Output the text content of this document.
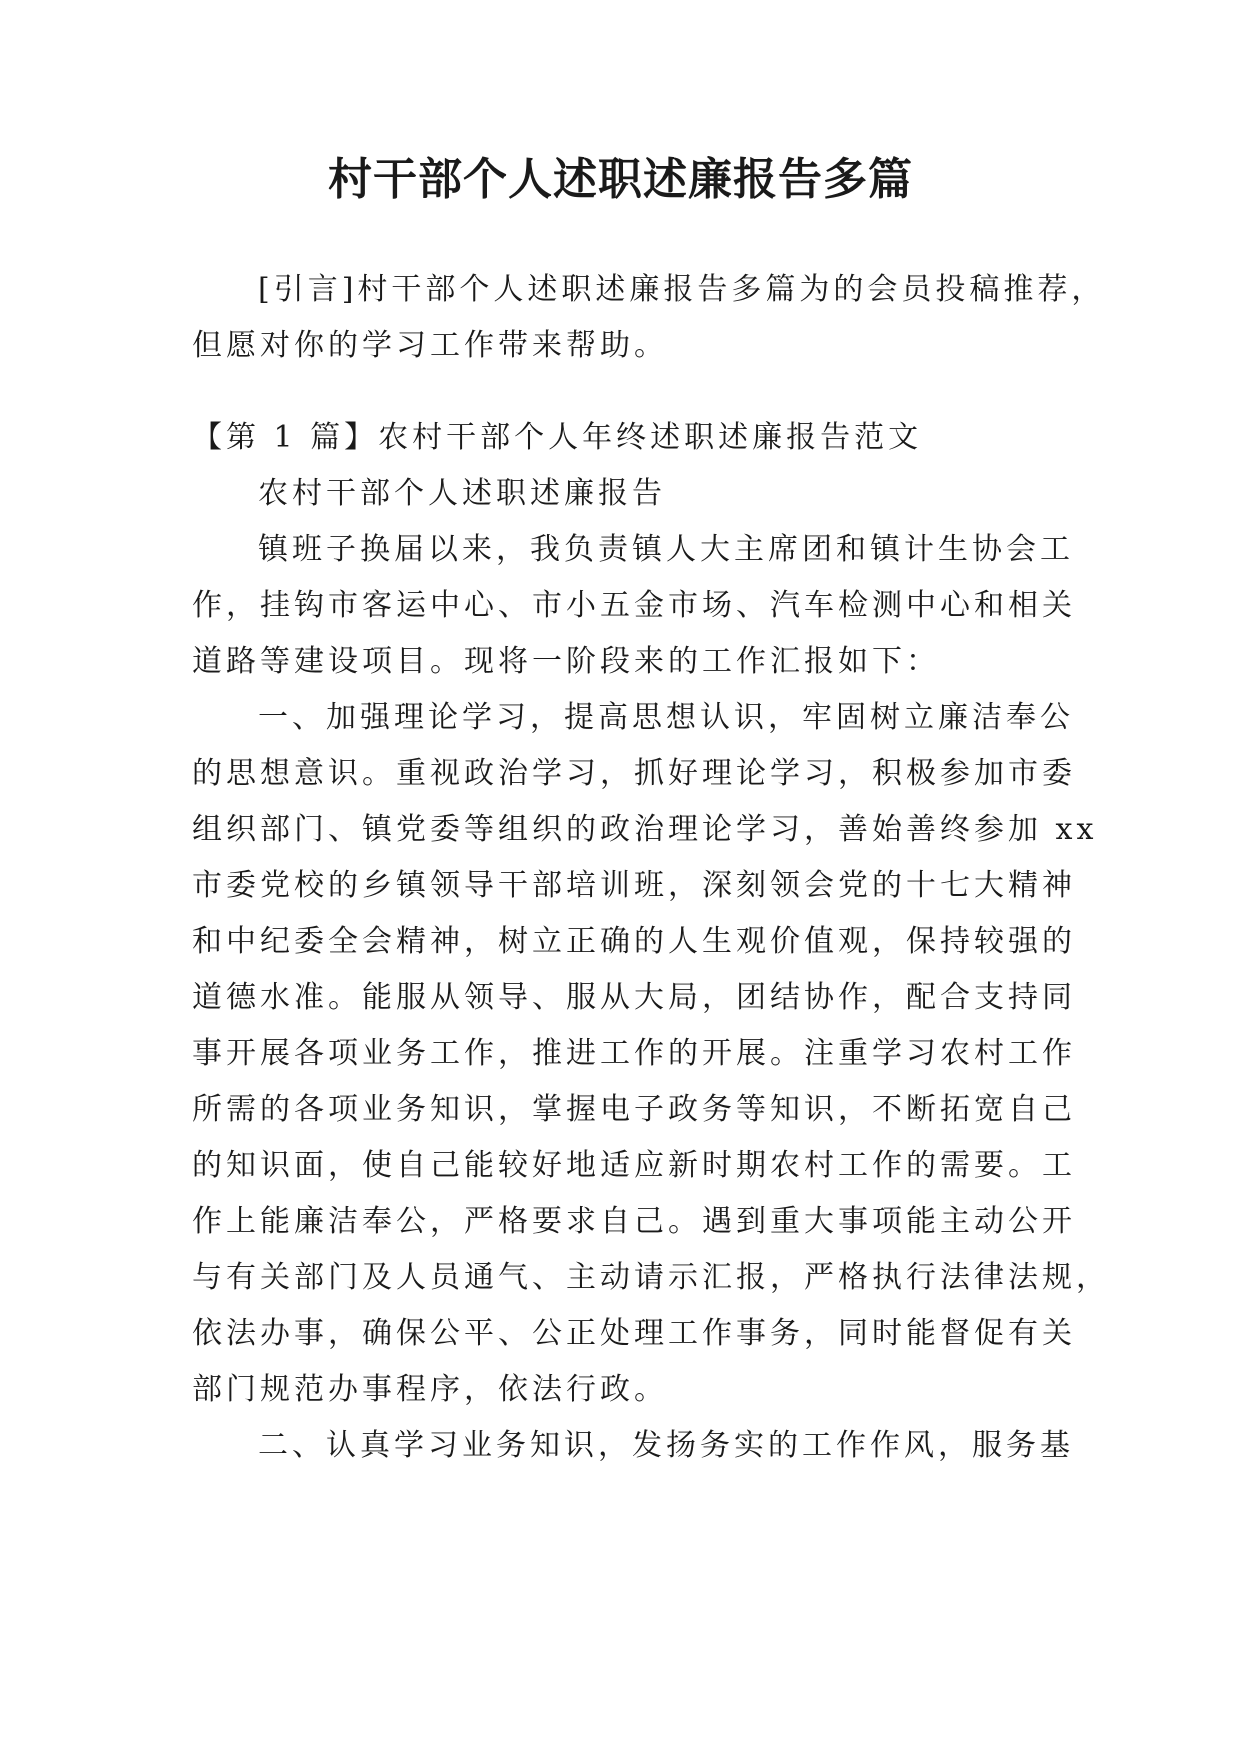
村干部个人述职述廉报告多篇
[引言]村干部个人述职述廉报告多篇为的会员投稿推荐，
但愿对你的学习工作带来帮助。
【第 1 篇】农村干部个人年终述职述廉报告范文
农村干部个人述职述廉报告
镇班子换届以来，我负责镇人大主席团和镇计生协会工
作，挂钩市客运中心、市小五金市场、汽车检测中心和相关
道路等建设项目。现将一阶段来的工作汇报如下：
一、加强理论学习，提高思想认识，牢固树立廉洁奉公
的思想意识。重视政治学习，抓好理论学习，积极参加市委
组织部门、镇党委等组织的政治理论学习，善始善终参加 xx
市委党校的乡镇领导干部培训班，深刻领会党的十七大精神
和中纪委全会精神，树立正确的人生观价值观，保持较强的
道德水准。能服从领导、服从大局，团结协作，配合支持同
事开展各项业务工作，推进工作的开展。注重学习农村工作
所需的各项业务知识，掌握电子政务等知识，不断拓宽自己
的知识面，使自己能较好地适应新时期农村工作的需要。工
作上能廉洁奉公，严格要求自己。遇到重大事项能主动公开
与有关部门及人员通气、主动请示汇报，严格执行法律法规，
依法办事，确保公平、公正处理工作事务，同时能督促有关
部门规范办事程序，依法行政。
二、认真学习业务知识，发扬务实的工作作风，服务基
